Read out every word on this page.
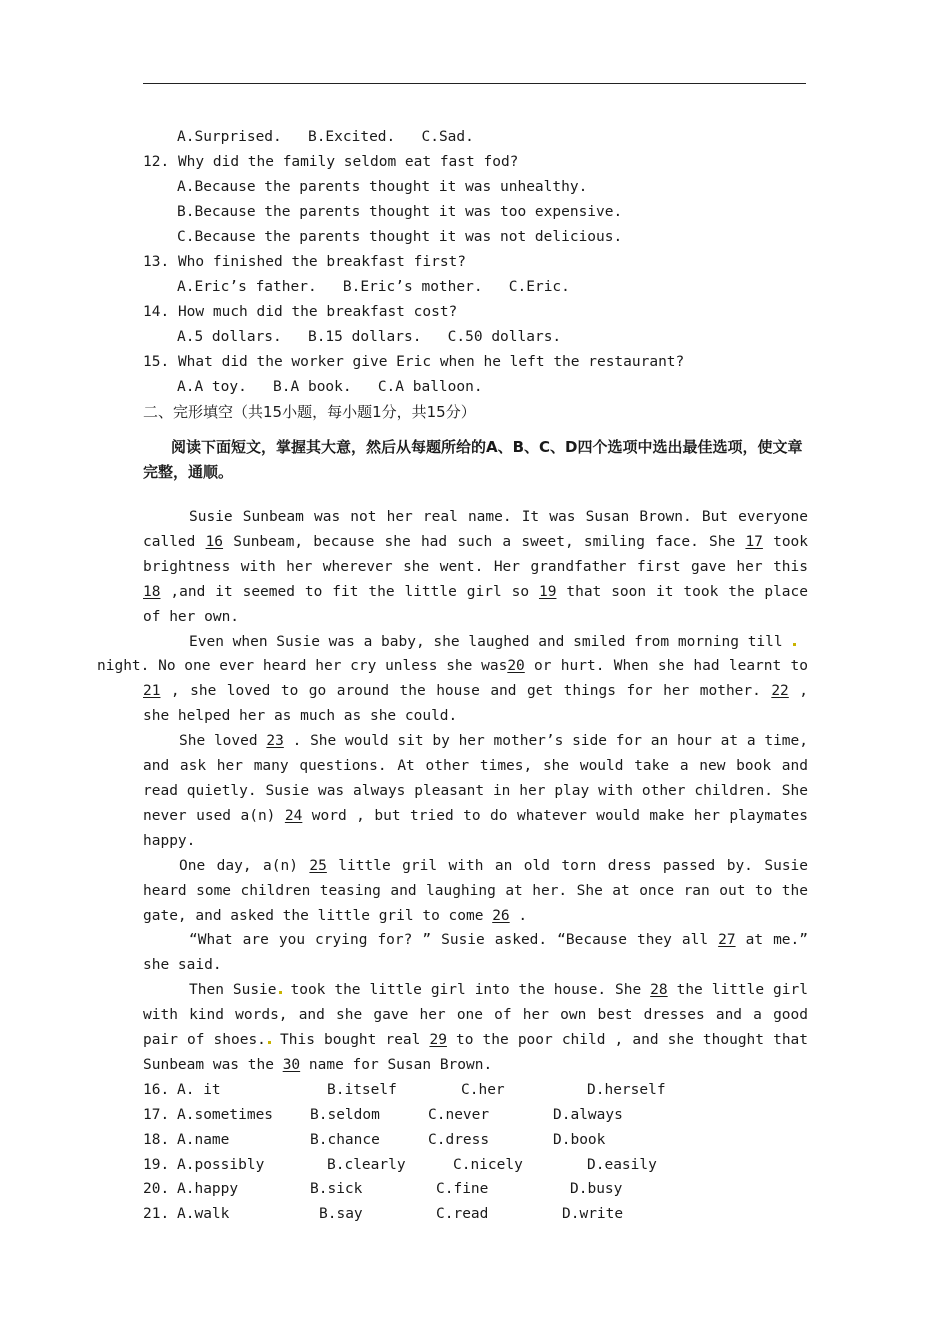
A.Surprised. B.Excited. C.Sad.
12. Why did the family seldom eat fast fod?
A.Because the parents thought it was unhealthy.
B.Because the parents thought it was too expensive.
C.Because the parents thought it was not delicious.
13. Who finished the breakfast first?
A.Eric’s father. B.Eric’s mother. C.Eric.
14. How much did the breakfast cost?
A.5 dollars. B.15 dollars. C.50 dollars.
15. What did the worker give Eric when he left the restaurant?
A.A toy. B.A book. C.A balloon.
二、完形填空（共15小题，每小题1分，共15分）
阅读下面短文，掌握其大意，然后从每题所给的A、B、C、D四个选项中选出最佳选项，使文章完整，通顺。

Susie Sunbeam was not her real name. It was Susan Brown. But everyone called 16 Sunbeam, because she had such a sweet, smiling face. She 17 took brightness with her wherever she went. Her grandfather first gave her this 18 ,and it seemed to fit the little girl so 19 that soon it took the place of her own.

Even when Susie was a baby, she laughed and smiled from morning till
night. No one ever heard her cry unless she was20 or hurt. When she had learnt to 21 , she loved to go around the house and get things for her mother. 22 , she helped her as much as she could.

She loved 23 . She would sit by her mother’s side for an hour at a time, and ask her many questions. At other times, she would take a new book and read quietly. Susie was always pleasant in her play with other children. She never used a(n) 24 word , but tried to do whatever would make her playmates happy.

One day, a(n) 25 little gril with an old torn dress passed by. Susie heard some children teasing and laughing at her. She at once ran out to the gate, and asked the little gril to come 26 .

“What are you crying for? ” Susie asked. “Because they all 27 at me.” she said.

Then Susie took the little girl into the house. She 28 the little girl with kind words, and she gave her one of her own best dresses and a good pair of shoes. This bought real 29 to the poor child , and she thought that Sunbeam was the 30 name for Susan Brown.

16. A. it	B.itself	C.her	D.herself
17. A.sometimes	B.seldom	C.never	D.always
18. A.name	B.chance	C.dress	D.book
19. A.possibly	B.clearly	C.nicely	D.easily
20. A.happy	B.sick	C.fine	D.busy
21. A.walk	B.say	C.read	D.write
